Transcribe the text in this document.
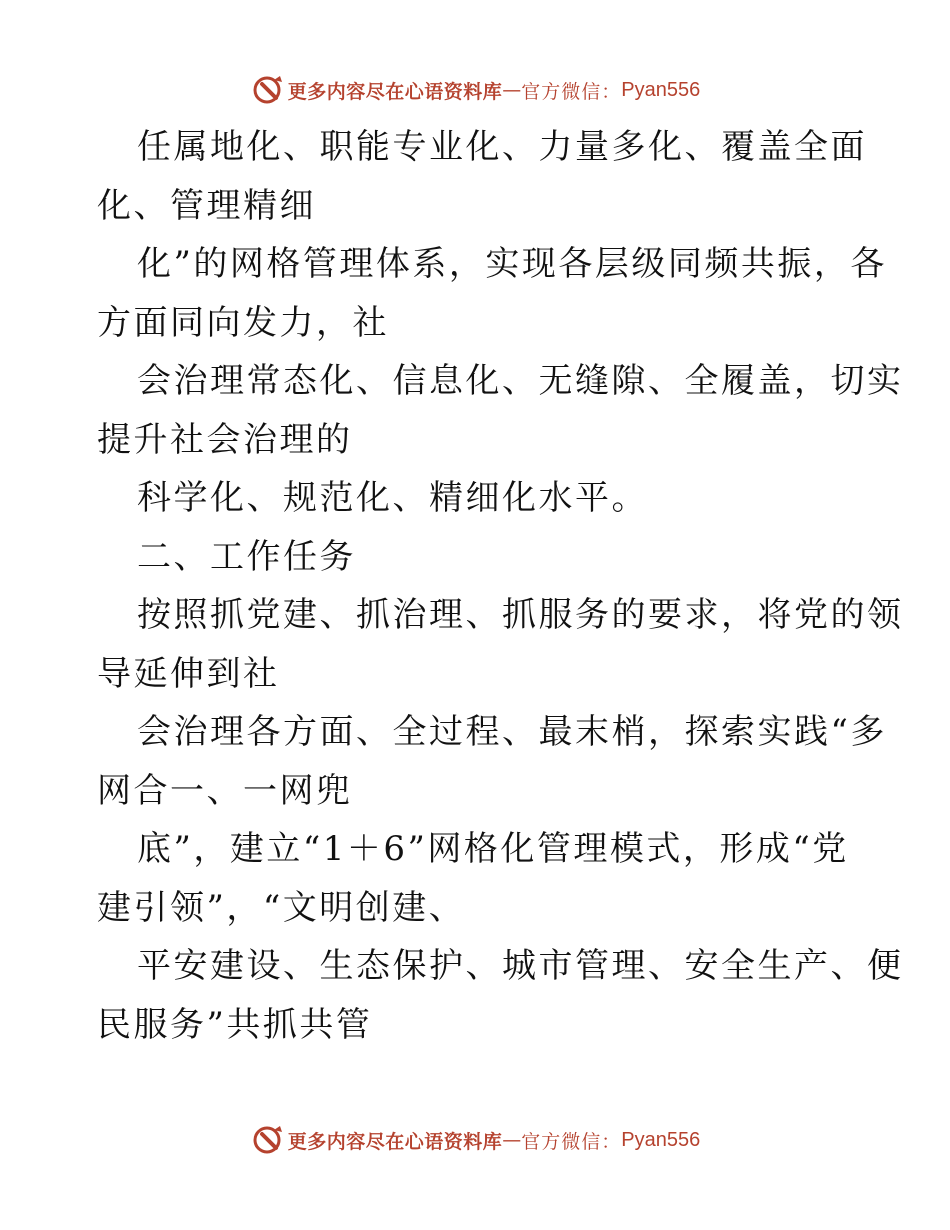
更多内容尽在心语资料库 — 官方微信： Pyan556
任属地化、职能专业化、力量多化、覆盖全面
化、管理精细
化”的网格管理体系，实现各层级同频共振，各
方面同向发力，社
会治理常态化、信息化、无缝隙、全履盖，切实
提升社会治理的
科学化、规范化、精细化水平。
二、工作任务
按照抓党建、抓治理、抓服务的要求，将党的领
导延伸到社
会治理各方面、全过程、最末梢，探索实践“多
网合一、一网兜
底”，建立“1＋6”网格化管理模式，形成“党
建引领”，“文明创建、
平安建设、生态保护、城市管理、安全生产、便
民服务”共抓共管
更多内容尽在心语资料库 — 官方微信： Pyan556
